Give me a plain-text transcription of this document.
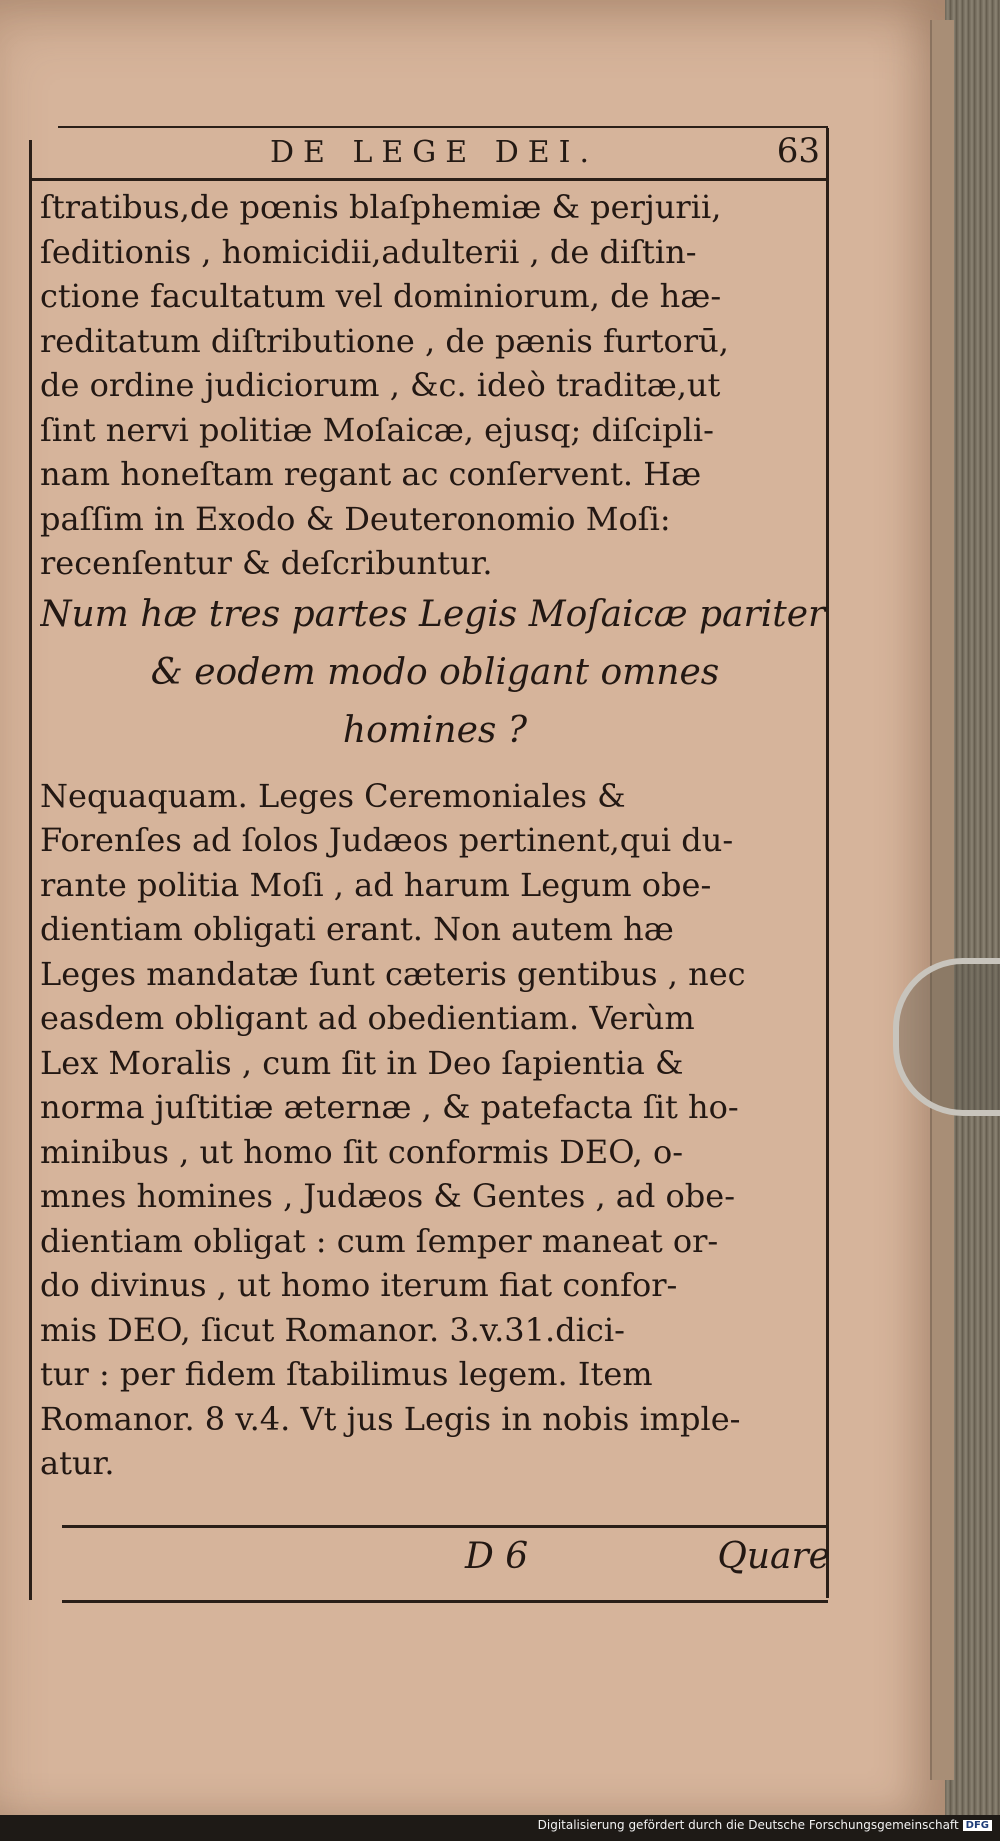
DE LEGE DEI.	63
ſtratibus,de pœnis blaſphemiæ & perjurii,
ſeditionis , homicidii,adulterii , de diſtin-
ctione facultatum vel dominiorum, de hæ-
reditatum diſtributione , de pænis furtorū,
de ordine judiciorum , &c. ideò traditæ,ut
ſint nervi politiæ Moſaicæ, ejusq; diſcipli-
nam honeſtam regant ac conſervent. Hæ
paſſim in Exodo & Deuteronomio Moſi:
recenſentur & deſcribuntur.
Num hæ tres partes Legis Moſaicæ pariter
& eodem modo obligant omnes
homines ?
Nequaquam. Leges Ceremoniales &
Forenſes ad ſolos Judæos pertinent,qui du-
rante politia Moſi , ad harum Legum obe-
dientiam obligati erant. Non autem hæ
Leges mandatæ ſunt cæteris gentibus , nec
easdem obligant ad obedientiam. Verùm
Lex Moralis , cum ſit in Deo ſapientia &
norma juſtitiæ æternæ , & patefacta ſit ho-
minibus , ut homo ſit conformis DEO, o-
mnes homines , Judæos & Gentes , ad obe-
dientiam obligat : cum ſemper maneat or-
do divinus , ut homo iterum fiat confor-
mis DEO, ſicut Romanor. 3.v.31.dici-
tur : per fidem ſtabilimus legem. Item
Romanor. 8 v.4. Vt jus Legis in nobis imple-
atur.
D 6	Quare
Digitalisierung gefördert durch die Deutsche Forschungsgemeinschaft DFG
